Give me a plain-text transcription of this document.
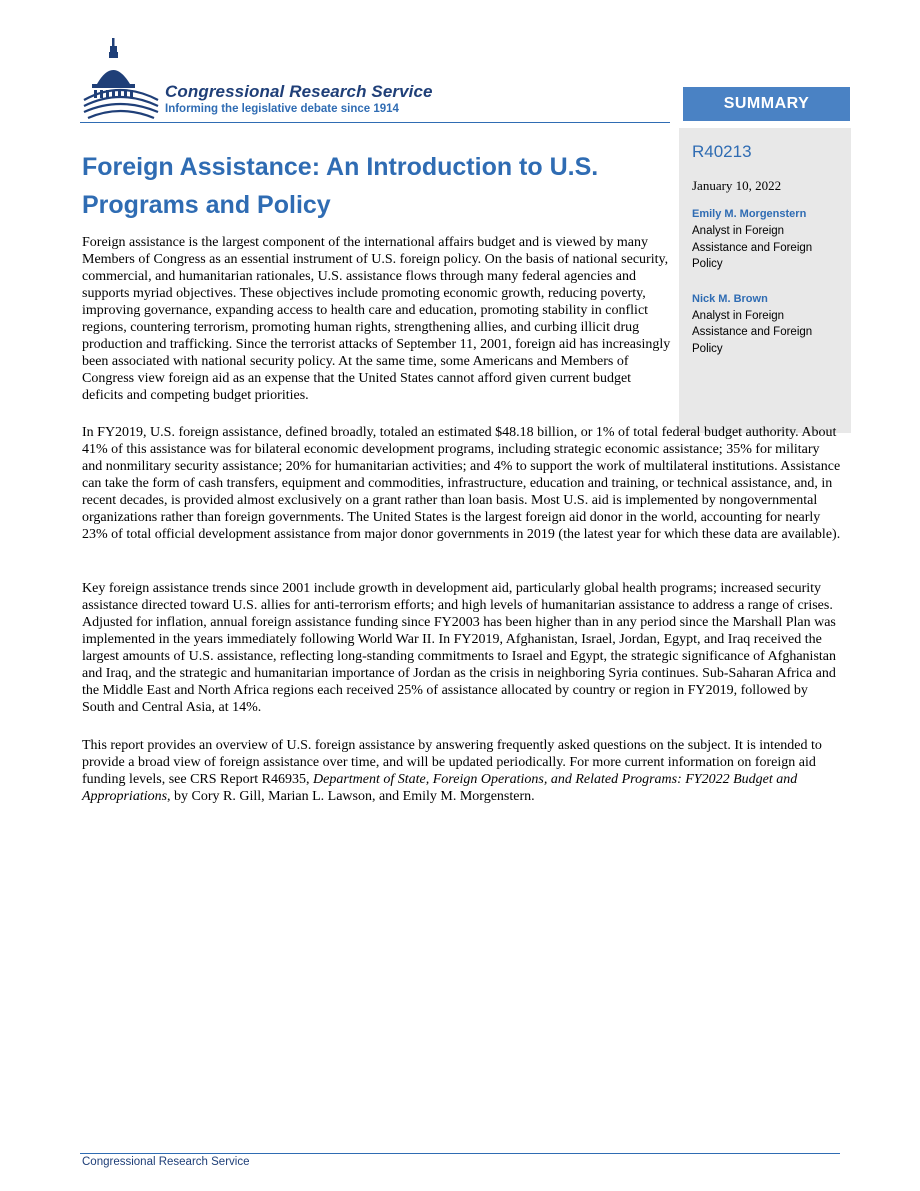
Congressional Research Service

Informing the legislative debate since 1914	SUMMARY

R40213

January 10, 2022

Emily M. Morgenstern

Analyst in Foreign Assistance and Foreign Policy

Nick M. Brown

Analyst in Foreign Assistance and Foreign Policy

Foreign Assistance: An Introduction to U.S. Programs and Policy

Foreign assistance is the largest component of the international affairs budget and is viewed by many Members of Congress as an essential instrument of U.S. foreign policy. On the basis of national security, commercial, and humanitarian rationales, U.S. assistance flows through many federal agencies and supports myriad objectives. These objectives include promoting economic growth, reducing poverty, improving governance, expanding access to health care and education, promoting stability in conflict regions, countering terrorism, promoting human rights, strengthening allies, and curbing illicit drug production and trafficking. Since the terrorist attacks of September 11, 2001, foreign aid has increasingly been associated with national security policy. At the same time, some Americans and Members of Congress view foreign aid as an expense that the United States cannot afford given current budget deficits and competing budget priorities.

In FY2019, U.S. foreign assistance, defined broadly, totaled an estimated $48.18 billion, or 1% of total federal budget authority. About 41% of this assistance was for bilateral economic development programs, including strategic economic assistance; 35% for military and nonmilitary security assistance; 20% for humanitarian activities; and 4% to support the work of multilateral institutions. Assistance can take the form of cash transfers, equipment and commodities, infrastructure, education and training, or technical assistance, and, in recent decades, is provided almost exclusively on a grant rather than loan basis. Most U.S. aid is implemented by nongovernmental organizations rather than foreign governments. The United States is the largest foreign aid donor in the world, accounting for nearly 23% of total official development assistance from major donor governments in 2019 (the latest year for which these data are available).

Key foreign assistance trends since 2001 include growth in development aid, particularly global health programs; increased security assistance directed toward U.S. allies for anti-terrorism efforts; and high levels of humanitarian assistance to address a range of crises. Adjusted for inflation, annual foreign assistance funding since FY2003 has been higher than in any period since the Marshall Plan was implemented in the years immediately following World War II. In FY2019, Afghanistan, Israel, Jordan, Egypt, and Iraq received the largest amounts of U.S. assistance, reflecting long-standing commitments to Israel and Egypt, the strategic significance of Afghanistan and Iraq, and the strategic and humanitarian importance of Jordan as the crisis in neighboring Syria continues. Sub-Saharan Africa and the Middle East and North Africa regions each received 25% of assistance allocated by country or region in FY2019, followed by South and Central Asia, at 14%.

This report provides an overview of U.S. foreign assistance by answering frequently asked questions on the subject. It is intended to provide a broad view of foreign assistance over time, and will be updated periodically. For more current information on foreign aid funding levels, see CRS Report R46935, Department of State, Foreign Operations, and Related Programs: FY2022 Budget and Appropriations, by Cory R. Gill, Marian L. Lawson, and Emily M. Morgenstern.

Congressional Research Service
